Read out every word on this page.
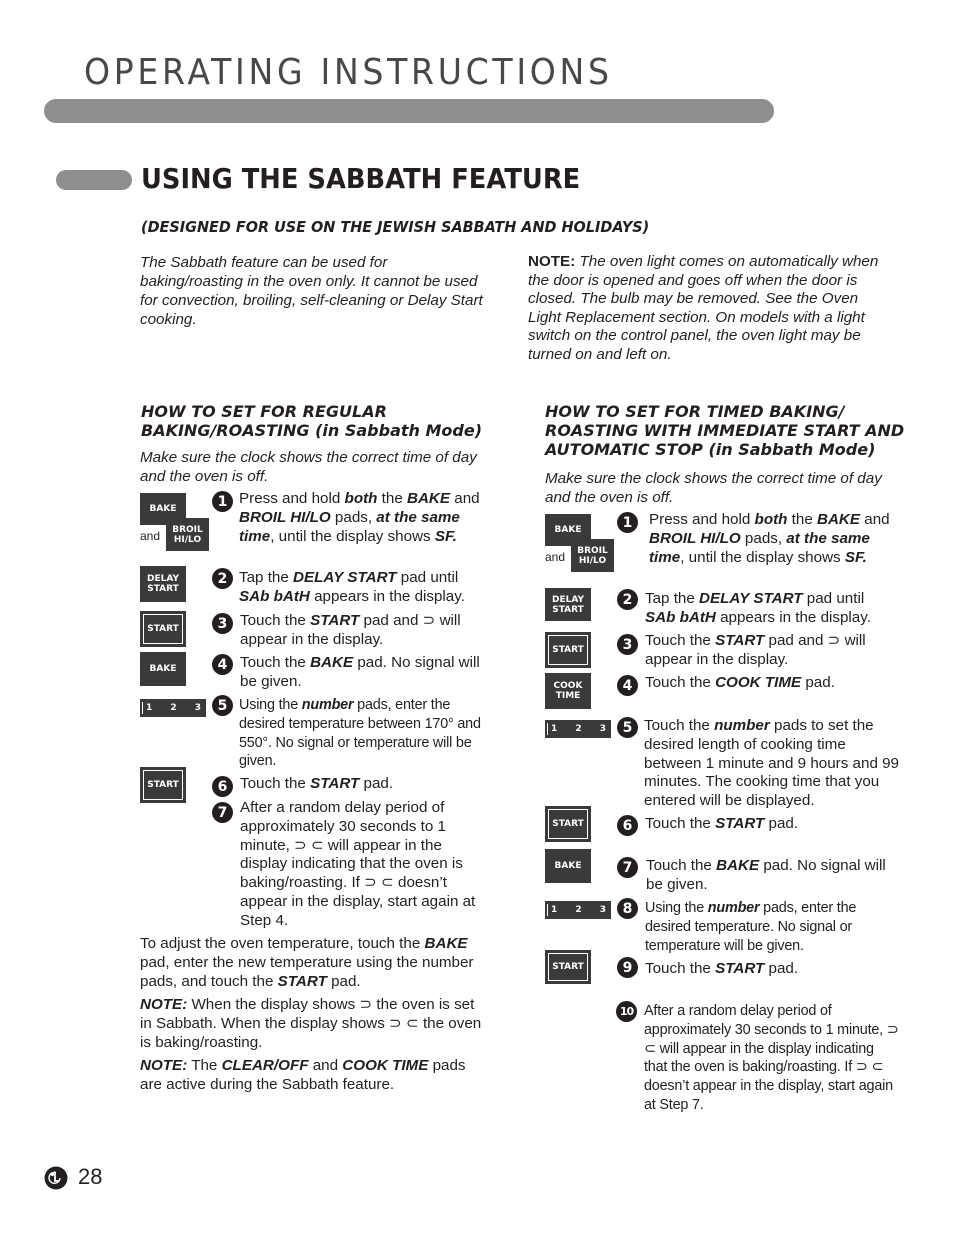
OPERATING INSTRUCTIONS
USING THE SABBATH FEATURE
(DESIGNED FOR USE ON THE JEWISH SABBATH AND HOLIDAYS)
The Sabbath feature can be used for baking/roasting in the oven only. It cannot be used for convection, broiling, self-cleaning or Delay Start cooking.
NOTE: The oven light comes on automatically when the door is opened and goes off when the door is closed. The bulb may be removed. See the Oven Light Replacement section. On models with a light switch on the control panel, the oven light may be turned on and left on.
HOW TO SET FOR REGULAR BAKING/ROASTING (in Sabbath Mode)
Make sure the clock shows the correct time of day and the oven is off.
BAKE
and	BROIL HI/LO
DELAY START
START
BAKE
1 2 3
START
1 Press and hold both the BAKE and BROIL HI/LO pads, at the same time, until the display shows SF.
2 Tap the DELAY START pad until SAb bAtH appears in the display.
3 Touch the START pad and ⊃ will appear in the display.
4 Touch the BAKE pad. No signal will be given.
5 Using the number pads, enter the desired temperature between 170° and 550°. No signal or temperature will be given.
6 Touch the START pad.
7 After a random delay period of approximately 30 seconds to 1 minute, ⊃ ⊂ will appear in the display indicating that the oven is baking/roasting. If ⊃ ⊂ doesn’t appear in the display, start again at Step 4.
To adjust the oven temperature, touch the BAKE pad, enter the new temperature using the number pads, and touch the START pad.
NOTE: When the display shows ⊃ the oven is set in Sabbath. When the display shows ⊃ ⊂ the oven is baking/roasting.
NOTE: The CLEAR/OFF and COOK TIME pads are active during the Sabbath feature.
HOW TO SET FOR TIMED BAKING/ ROASTING WITH IMMEDIATE START AND AUTOMATIC STOP (in Sabbath Mode)
Make sure the clock shows the correct time of day and the oven is off.
BAKE
and	BROIL HI/LO
DELAY START
START
COOK TIME
1 2 3
START
BAKE
1 2 3
START
1	Press and hold both the BAKE and BROIL HI/LO pads, at the same time, until the display shows SF.
2 Tap the DELAY START pad until SAb bAtH appears in the display.
3 Touch the START pad and ⊃ will appear in the display.
4 Touch the COOK TIME pad.
5 Touch the number pads to set the desired length of cooking time between 1 minute and 9 hours and 99 minutes. The cooking time that you entered will be displayed.
6 Touch the START pad.
7 Touch the BAKE pad. No signal will be given.
8 Using the number pads, enter the desired temperature. No signal or temperature will be given.
9 Touch the START pad.
10 After a random delay period of approximately 30 seconds to 1 minute, ⊃ ⊂ will appear in the display indicating that the oven is baking/roasting. If ⊃ ⊂ doesn’t appear in the display, start again at Step 7.
28
